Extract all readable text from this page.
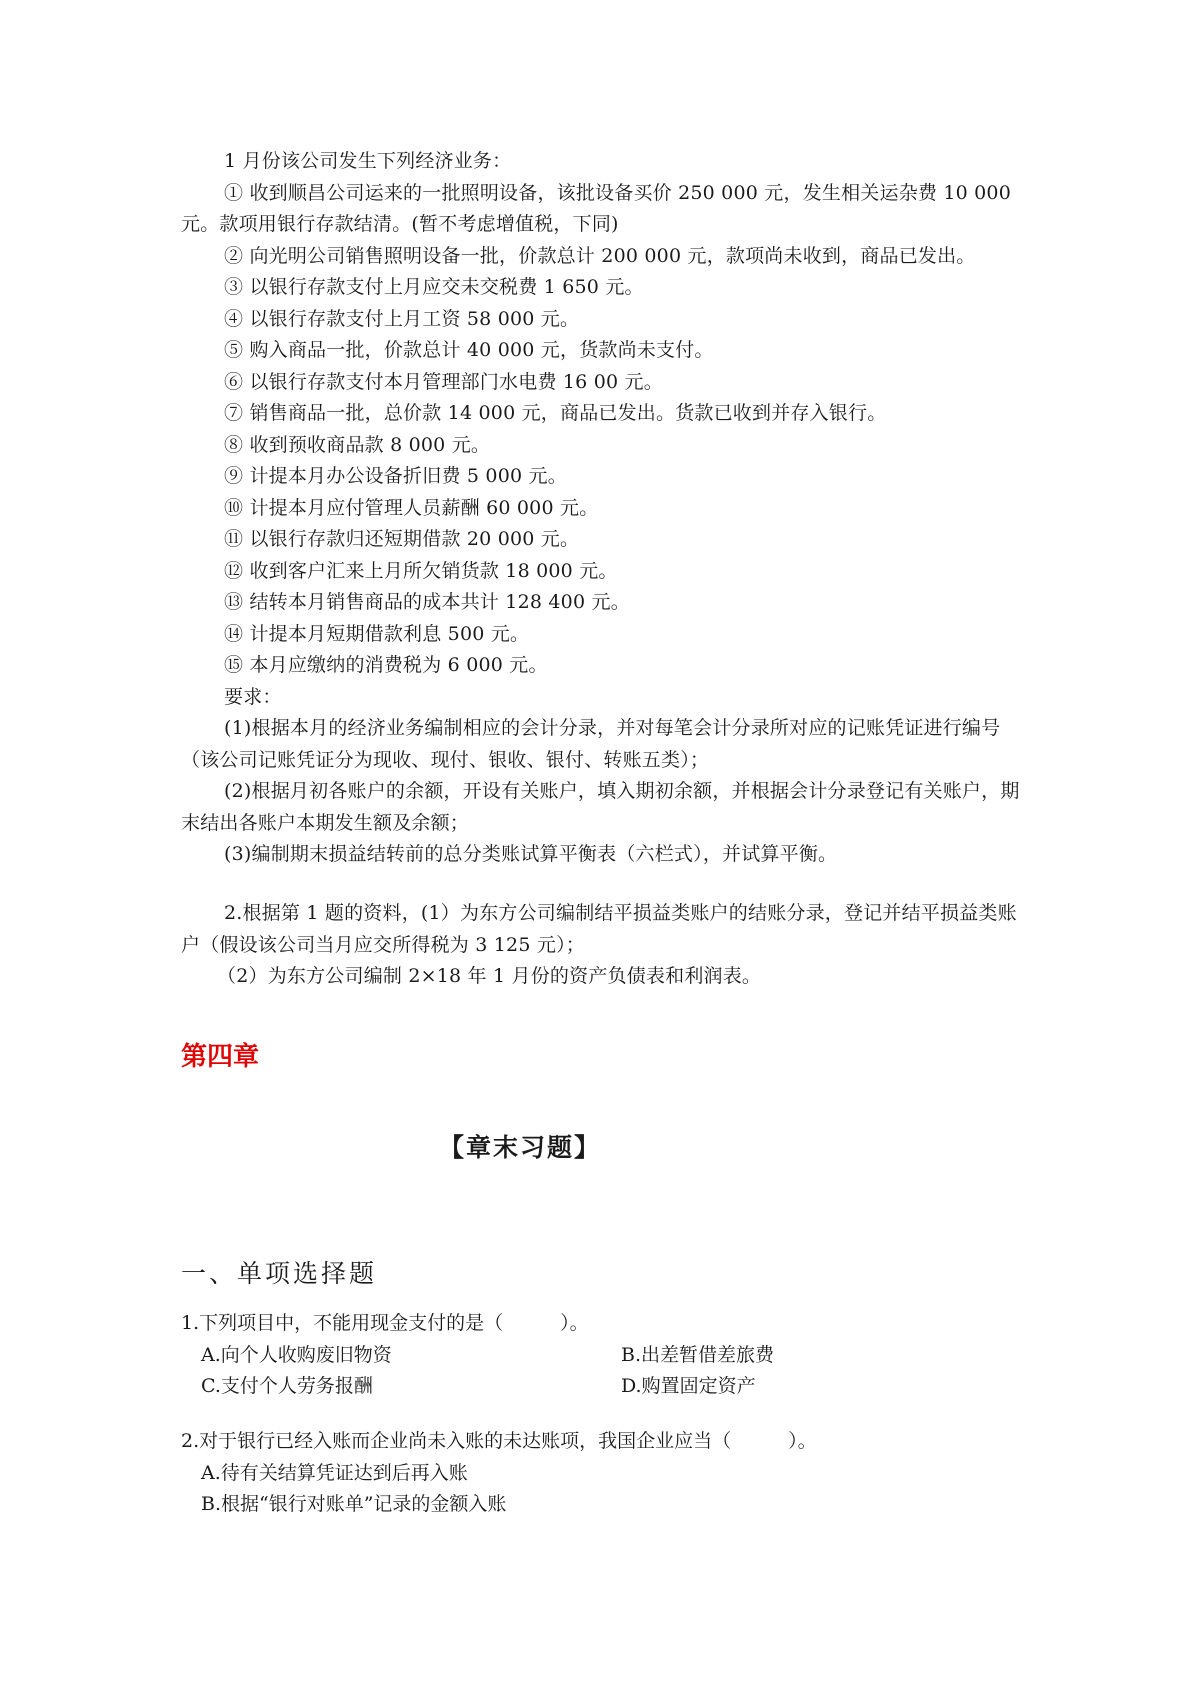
1 月份该公司发生下列经济业务：

① 收到顺昌公司运来的一批照明设备，该批设备买价 250 000 元，发生相关运杂费 10 000 元。款项用银行存款结清。(暂不考虑增值税，下同)
② 向光明公司销售照明设备一批，价款总计 200 000 元，款项尚未收到，商品已发出。
③ 以银行存款支付上月应交未交税费 1 650 元。
④ 以银行存款支付上月工资 58 000 元。
⑤ 购入商品一批，价款总计 40 000 元，货款尚未支付。
⑥ 以银行存款支付本月管理部门水电费 16 00 元。
⑦ 销售商品一批，总价款 14 000 元，商品已发出。货款已收到并存入银行。
⑧ 收到预收商品款 8 000 元。
⑨ 计提本月办公设备折旧费 5 000 元。
⑩ 计提本月应付管理人员薪酬 60 000 元。
⑪ 以银行存款归还短期借款 20 000 元。
⑫ 收到客户汇来上月所欠销货款 18 000 元。
⑬ 结转本月销售商品的成本共计 128 400 元。
⑭ 计提本月短期借款利息 500 元。
⑮ 本月应缴纳的消费税为 6 000 元。

要求：

(1)根据本月的经济业务编制相应的会计分录，并对每笔会计分录所对应的记账凭证进行编号（该公司记账凭证分为现收、现付、银收、银付、转账五类）；

(2)根据月初各账户的余额，开设有关账户，填入期初余额，并根据会计分录登记有关账户，期末结出各账户本期发生额及余额；

(3)编制期末损益结转前的总分类账试算平衡表（六栏式），并试算平衡。

2.根据第 1 题的资料，(1）为东方公司编制结平损益类账户的结账分录，登记并结平损益类账户（假设该公司当月应交所得税为 3 125 元）；

（2）为东方公司编制 2×18 年 1 月份的资产负债表和利润表。

第四章
【章末习题】
一、单项选择题

1.下列项目中，不能用现金支付的是（　　　）。

A.向个人收购废旧物资	B.出差暂借差旅费
C.支付个人劳务报酬	D.购置固定资产

2.对于银行已经入账而企业尚未入账的未达账项，我国企业应当（　　　）。

A.待有关结算凭证达到后再入账
B.根据“银行对账单”记录的金额入账
